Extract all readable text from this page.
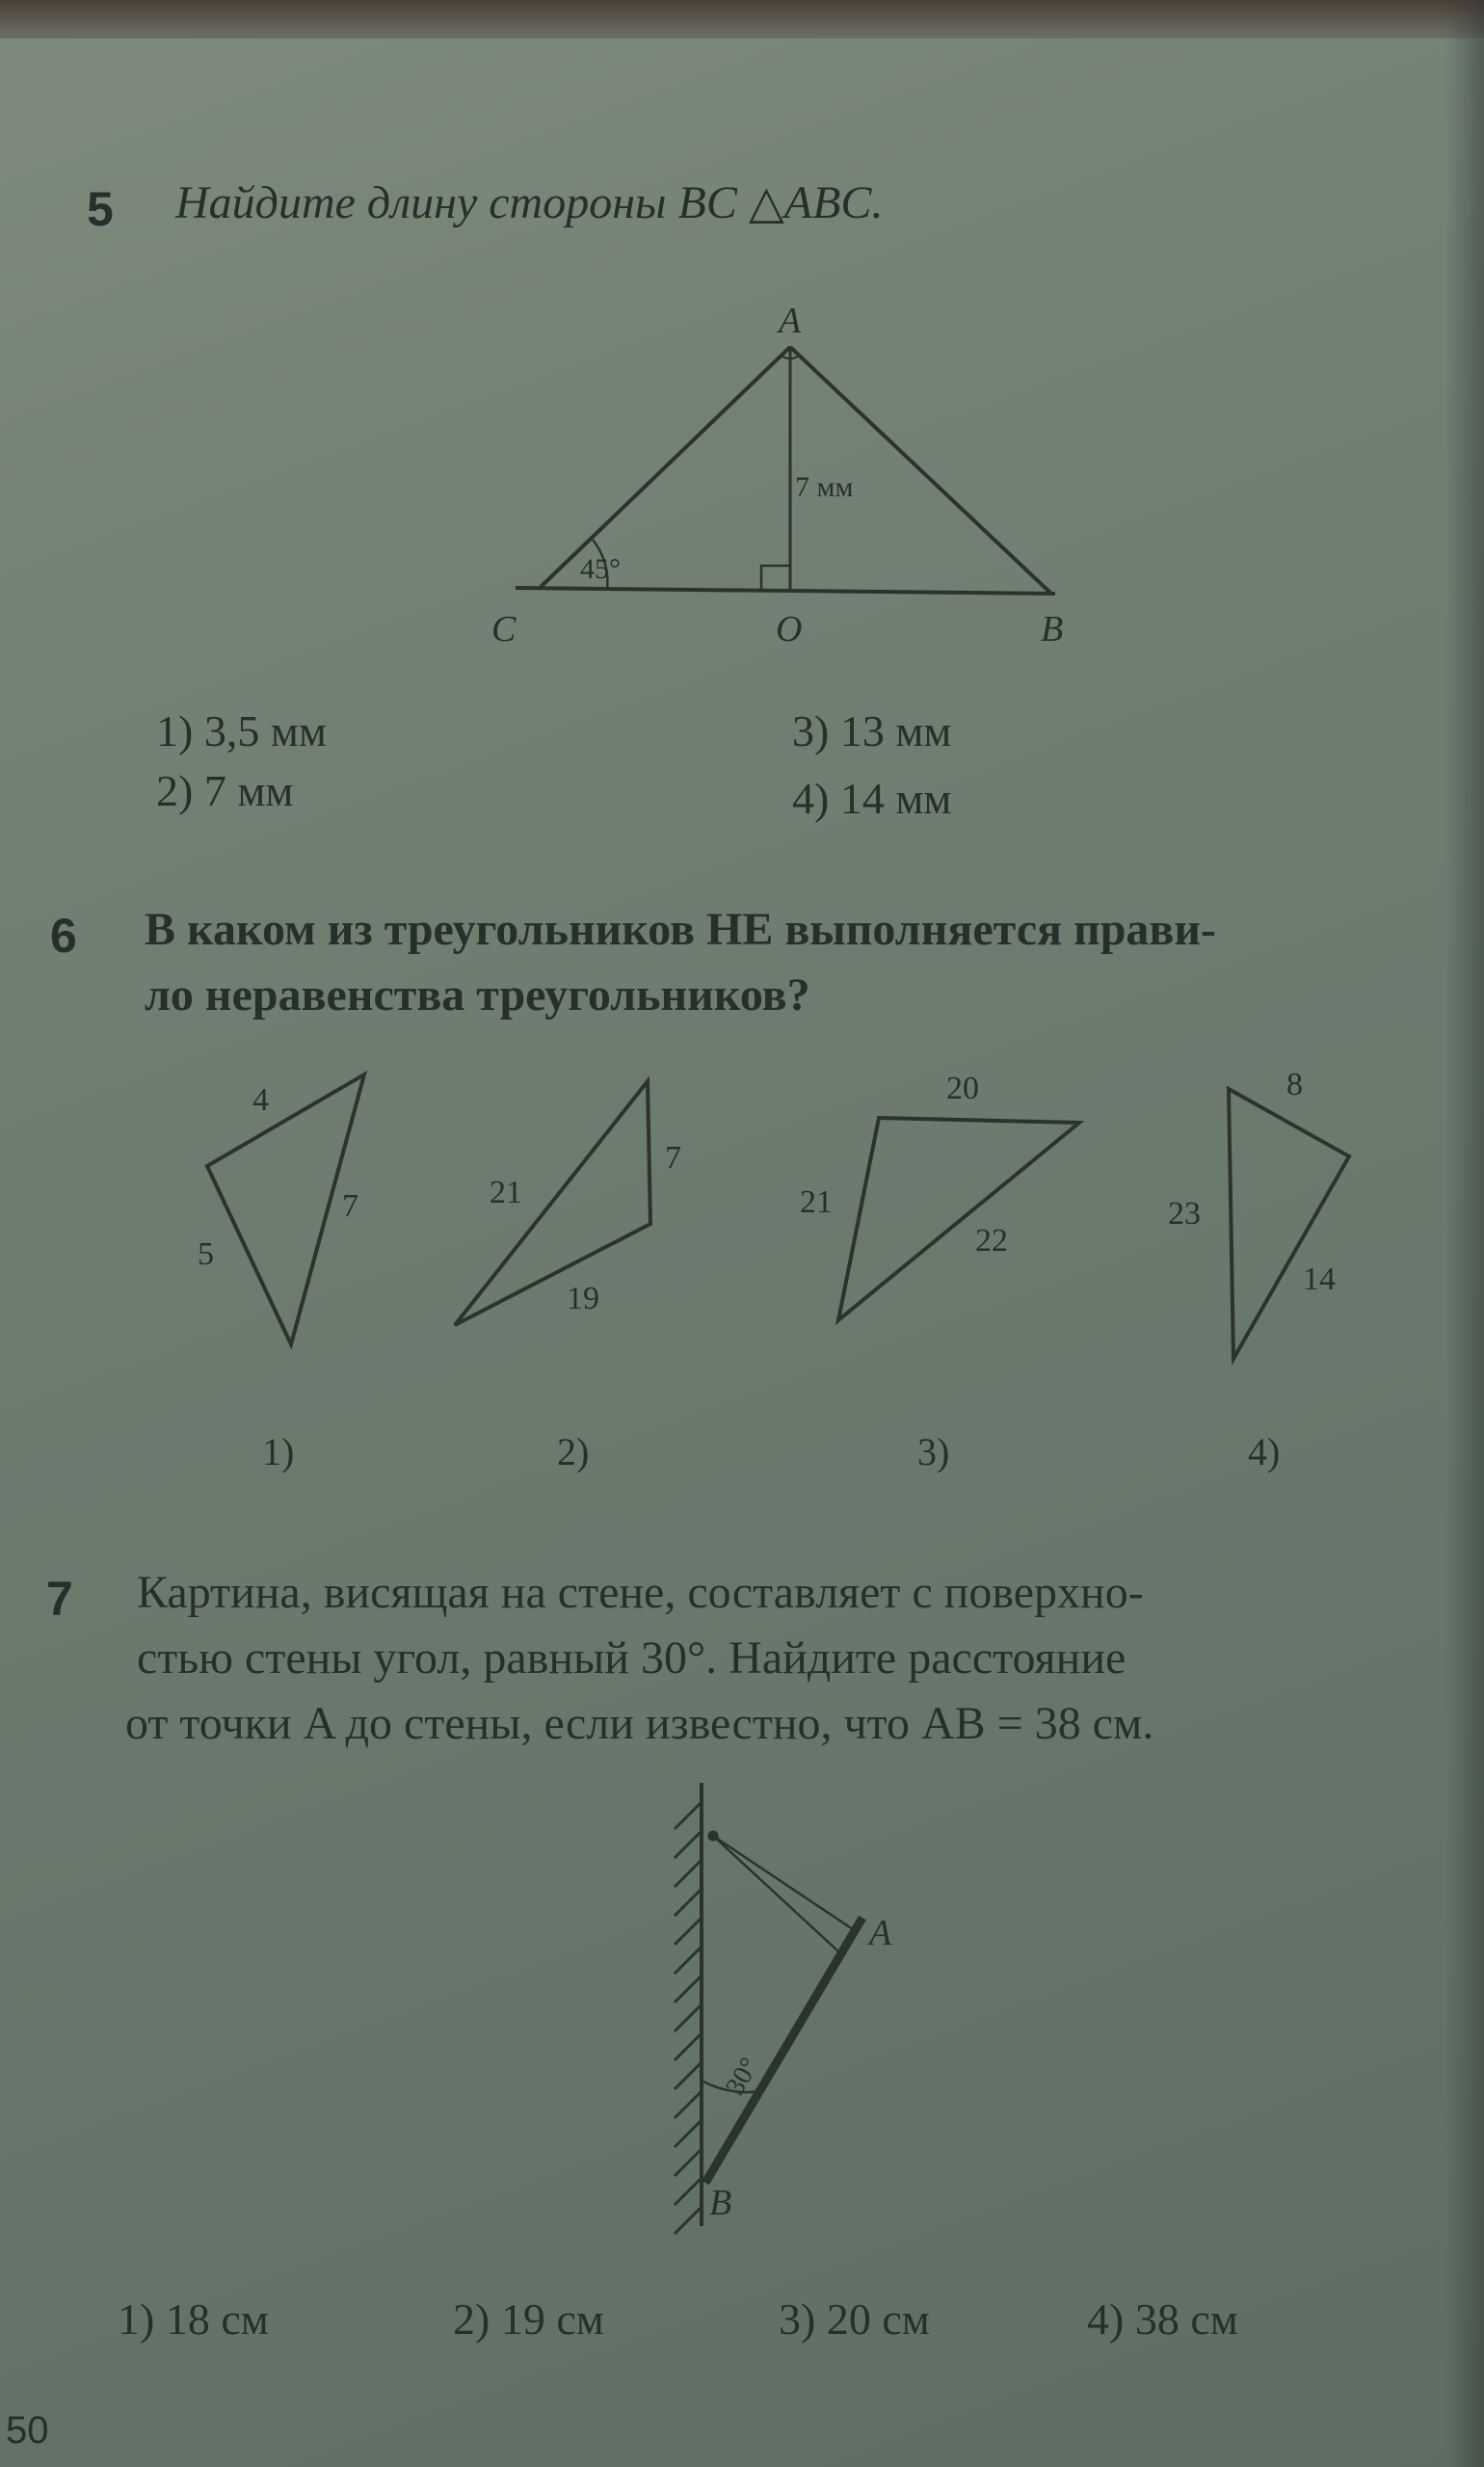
5 Найдите длину стороны BC △ABC.
A
C	O	B
7 мм
45°
1) 3,5 мм
2) 7 мм
3) 13 мм
4) 14 мм
6 В каком из треугольников НЕ выполняется прави-
ло неравенства треугольников?
4
5
7	21
7
19
20
21
22
8
23
14
1)	2)	3)	4)
7 Картина, висящая на стене, составляет с поверхно-
стью стены угол, равный 30°. Найдите расстояние
от точки A до стены, если известно, что AB = 38 см.
A
B
30°
1) 18 см	2) 19 см	3) 20 см	4) 38 см
50
